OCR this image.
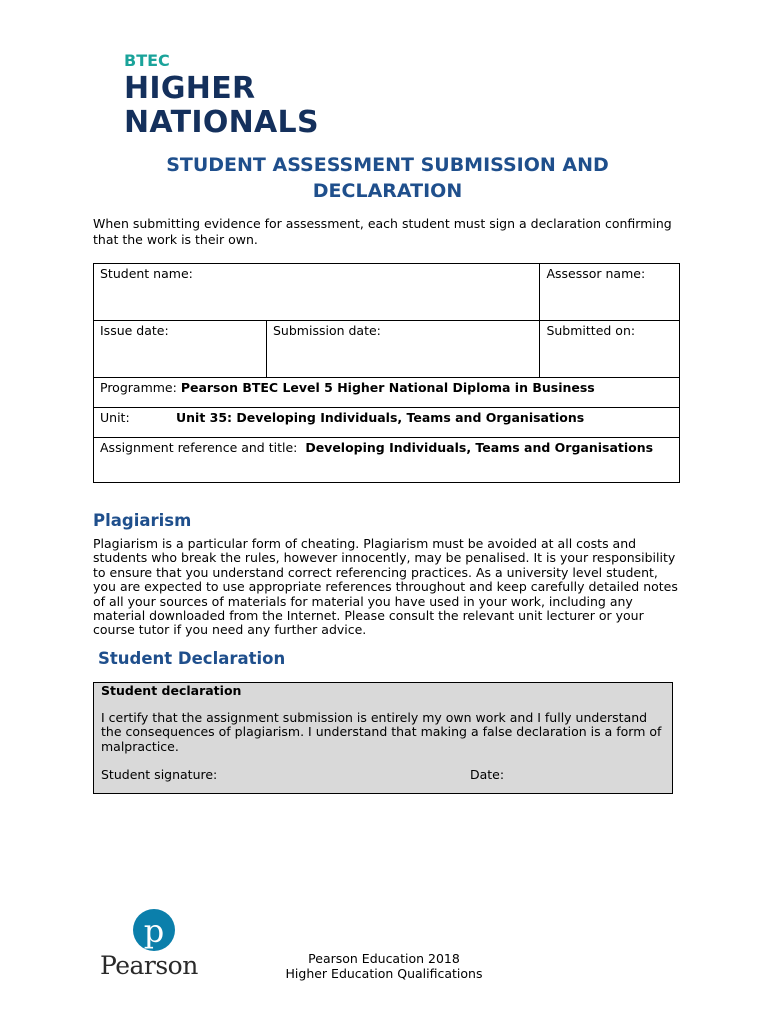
BTEC
HIGHER
NATIONALS
STUDENT ASSESSMENT SUBMISSION AND DECLARATION
When submitting evidence for assessment, each student must sign a declaration confirming that the work is their own.
Student name:		Assessor name:
Issue date:	Submission date:	Submitted on:
Programme: Pearson BTEC Level 5 Higher National Diploma in Business		
Unit: Unit 35: Developing Individuals, Teams and Organisations		
Assignment reference and title: Developing Individuals, Teams and Organisations		
Plagiarism
Plagiarism is a particular form of cheating. Plagiarism must be avoided at all costs and students who break the rules, however innocently, may be penalised. It is your responsibility to ensure that you understand correct referencing practices. As a university level student, you are expected to use appropriate references throughout and keep carefully detailed notes of all your sources of materials for material you have used in your work, including any material downloaded from the Internet. Please consult the relevant unit lecturer or your course tutor if you need any further advice.
Student Declaration
Student declaration
I certify that the assignment submission is entirely my own work and I fully understand the consequences of plagiarism. I understand that making a false declaration is a form of malpractice.
Student signature:	Date:
p
Pearson	Pearson Education 2018
Higher Education Qualifications
